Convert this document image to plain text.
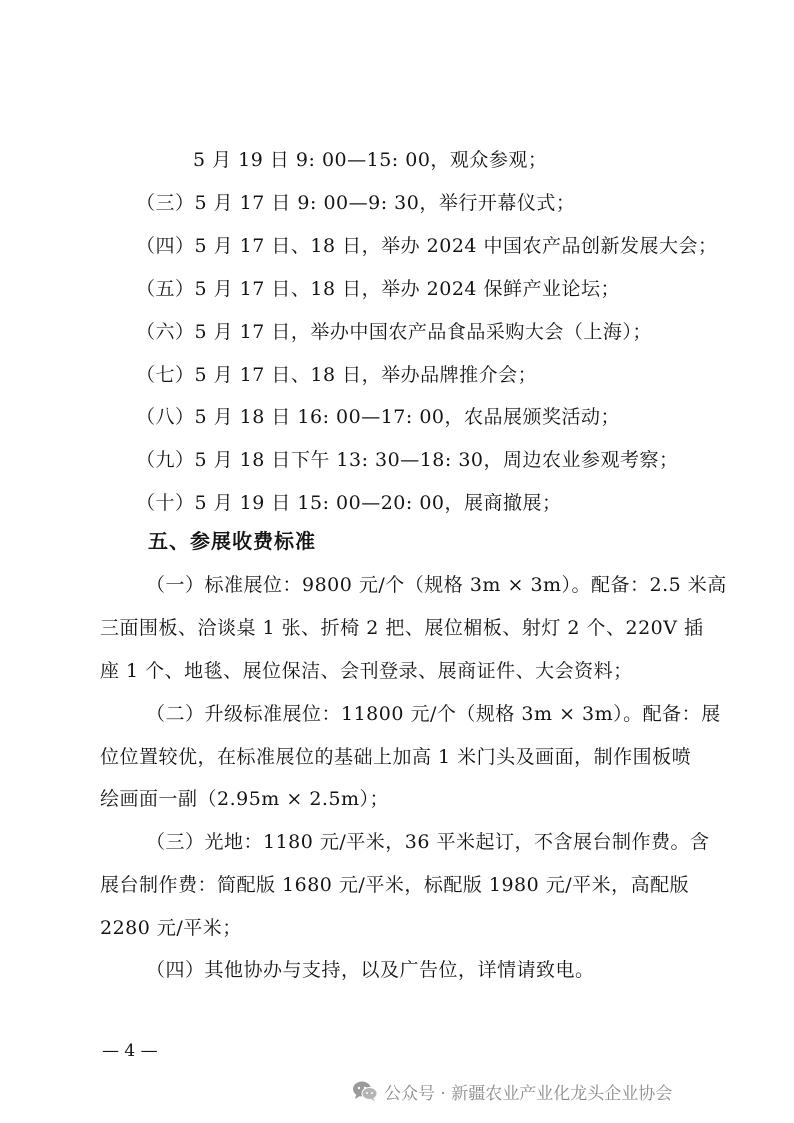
5 月 19 日 9: 00—15: 00，观众参观；
（三）5 月 17 日 9: 00—9: 30，举行开幕仪式；
（四）5 月 17 日、18 日，举办 2024 中国农产品创新发展大会；
（五）5 月 17 日、18 日，举办 2024 保鲜产业论坛；
（六）5 月 17 日，举办中国农产品食品采购大会（上海）；
（七）5 月 17 日、18 日，举办品牌推介会；
（八）5 月 18 日 16: 00—17: 00，农品展颁奖活动；
（九）5 月 18 日下午 13: 30—18: 30，周边农业参观考察；
（十）5 月 19 日 15: 00—20: 00，展商撤展；
五、参展收费标准
（一）标准展位：9800 元/个（规格 3m × 3m）。配备：2.5 米高
三面围板、洽谈桌 1 张、折椅 2 把、展位楣板、射灯 2 个、220V 插
座 1 个、地毯、展位保洁、会刊登录、展商证件、大会资料；
（二）升级标准展位：11800 元/个（规格 3m × 3m）。配备：展
位位置较优，在标准展位的基础上加高 1 米门头及画面，制作围板喷
绘画面一副（2.95m × 2.5m）；
（三）光地：1180 元/平米，36 平米起订，不含展台制作费。含
展台制作费：简配版 1680 元/平米，标配版 1980 元/平米，高配版
2280 元/平米；
（四）其他协办与支持，以及广告位，详情请致电。
— 4 —
公众号 · 新疆农业产业化龙头企业协会
